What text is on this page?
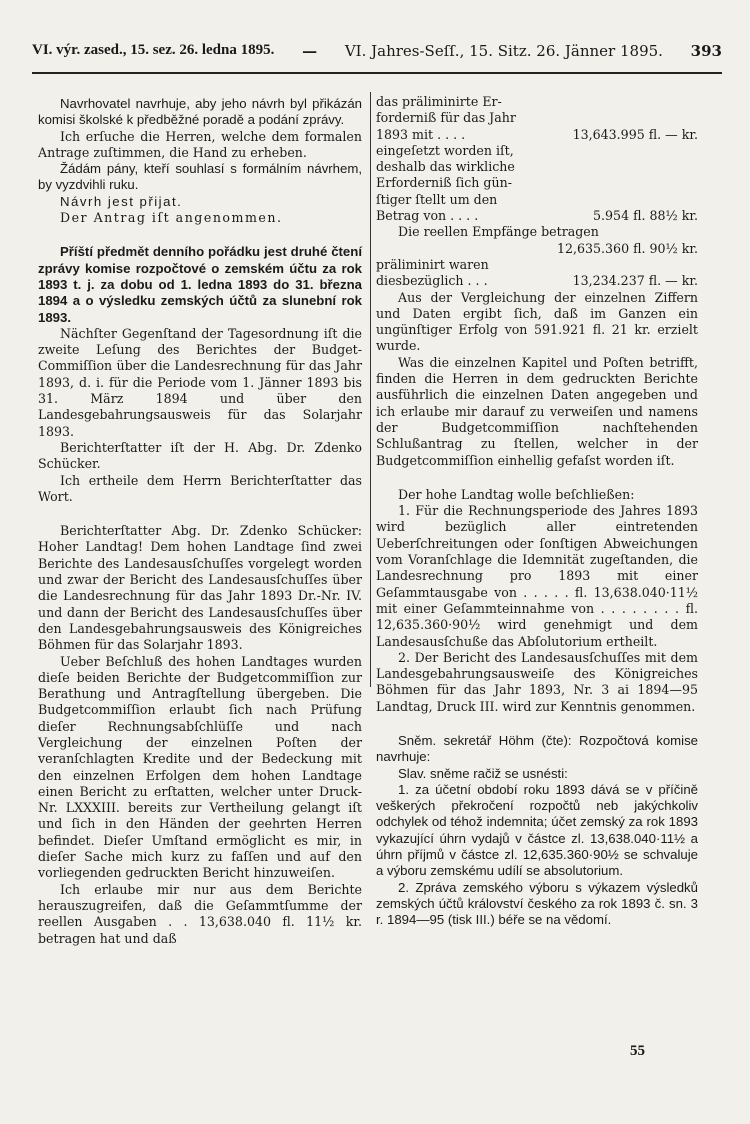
VI. výr. zased., 15. sez. 26. ledna 1895. — VI. Jahres-Seſſ., 15. Sitz. 26. Jänner 1895. 393

Navrhovatel navrhuje, aby jeho návrh byl přikázán komisi školské k předběžné poradě a podání zprávy.

Ich erſuche die Herren, welche dem formalen Antrage zuſtimmen, die Hand zu erheben.

Žádám pány, kteří souhlasí s formálním návrhem, by vyzdvihli ruku.

Návrh jest přijat.

Der Antrag iſt angenommen.

Příští předmět denního pořádku jest druhé čtení zprávy komise rozpočtové o zemském účtu za rok 1893 t. j. za dobu od 1. ledna 1893 do 31. března 1894 a o výsledku zemských účtů za slunební rok 1893.

Nächſter Gegenſtand der Tagesordnung iſt die zweite Leſung des Berichtes der Budget-Commiſſion über die Landesrechnung für das Jahr 1893, d. i. für die Periode vom 1. Jänner 1893 bis 31. März 1894 und über den Landesgebahrungsausweis für das Solarjahr 1893.

Berichterſtatter iſt der H. Abg. Dr. Zdenko Schücker.

Ich ertheile dem Herrn Berichterſtatter das Wort.

Berichterſtatter Abg. Dr. Zdenko Schücker: Hoher Landtag! Dem hohen Landtage ſind zwei Berichte des Landesausſchuſſes vorgelegt worden und zwar der Bericht des Landesausſchuſſes über die Landesrechnung für das Jahr 1893 Dr.-Nr. IV. und dann der Bericht des Landesausſchuſſes über den Landesgebahrungsausweis des Königreiches Böhmen für das Solarjahr 1893.

Ueber Beſchluß des hohen Landtages wurden dieſe beiden Berichte der Budgetcommiſſion zur Berathung und Antragſtellung übergeben. Die Budgetcommiſſion erlaubt ſich nach Prüfung dieſer Rechnungsabſchlüſſe und nach Vergleichung der einzelnen Poſten der veranſchlagten Kredite und der Bedeckung mit den einzelnen Erfolgen dem hohen Landtage einen Bericht zu erſtatten, welcher unter Druck-Nr. LXXXIII. bereits zur Vertheilung gelangt iſt und ſich in den Händen der geehrten Herren befindet. Dieſer Umſtand ermöglicht es mir, in dieſer Sache mich kurz zu faſſen und auf den vorliegenden gedruckten Bericht hinzuweiſen.

Ich erlaube mir nur aus dem Berichte herauszugreifen, daß die Geſammtſumme der reellen Ausgaben . . 13,638.040 fl. 11½ kr. betragen hat und daß

das präliminirte Er-

forderniß für das Jahr

1893 mit . . . .	13,643.995 fl. — kr.

eingeſetzt worden iſt,

deshalb das wirkliche

Erforderniß ſich gün-

ſtiger ſtellt um den

Betrag von . . . .	5.954 fl. 88½ kr.

Die reellen Empfänge betragen

12,635.360 fl. 90½ kr.

präliminirt waren

diesbezüglich . . .	13,234.237 fl. — kr.

Aus der Vergleichung der einzelnen Ziffern und Daten ergibt ſich, daß im Ganzen ein ungünſtiger Erfolg von 591.921 fl. 21 kr. erzielt wurde.

Was die einzelnen Kapitel und Poſten betrifft, finden die Herren in dem gedruckten Berichte ausführlich die einzelnen Daten angegeben und ich erlaube mir darauf zu verweiſen und namens der Budgetcommiſſion nachſtehenden Schlußantrag zu ſtellen, welcher in der Budgetcommiſſion einhellig gefaſst worden iſt.

Der hohe Landtag wolle beſchließen:

1. Für die Rechnungsperiode des Jahres 1893 wird bezüglich aller eintretenden Ueberſchreitungen oder ſonſtigen Abweichungen vom Voranſchlage die Idemnität zugeſtanden, die Landesrechnung pro 1893 mit einer Geſammtausgabe von . . . . . fl. 13,638.040·11½ mit einer Geſammteinnahme von . . . . . . . . fl. 12,635.360·90½ wird genehmigt und dem Landesausſchuße das Abſolutorium ertheilt.

2. Der Bericht des Landesausſchuſſes mit dem Landesgebahrungsausweiſe des Königreiches Böhmen für das Jahr 1893, Nr. 3 ai 1894—95 Landtag, Druck III. wird zur Kenntnis genommen.

Sněm. sekretář Höhm (čte): Rozpočtová komise navrhuje:

Slav. sněme račiž se usnésti:

1. za účetní období roku 1893 dává se v příčině veškerých překročení rozpočtů neb jakýchkoliv odchylek od téhož indemnita; účet zemský za rok 1893 vykazující úhrn vydajů v částce zl. 13,638.040·11½ a úhrn příjmů v částce zl. 12,635.360·90½ se schvaluje a výboru zemskému udílí se absolutorium.

2. Zpráva zemského výboru s výkazem výsledků zemských účtů království českého za rok 1893 č. sn. 3 r. 1894—95 (tisk III.) béře se na vědomí.

55
